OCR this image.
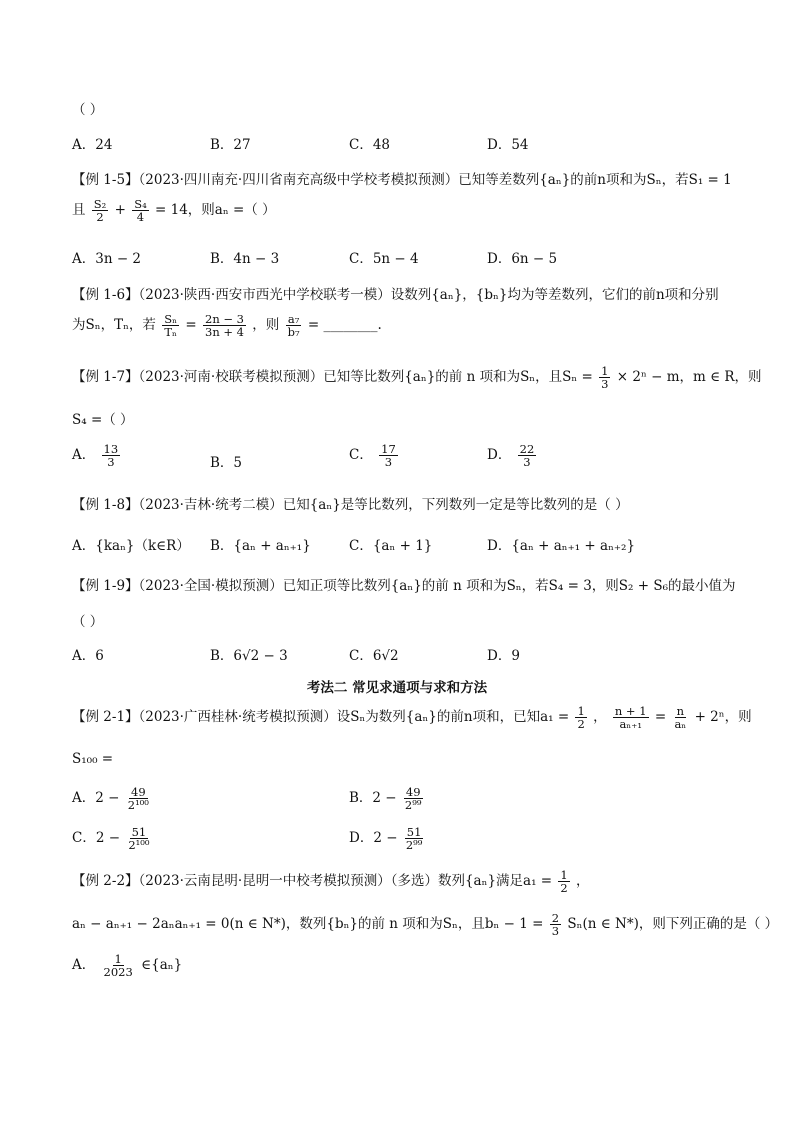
（ ）
A．24	B．27	C．48	D．54
【例 1-5】（2023·四川南充·四川省南充高级中学校考模拟预测）已知等差数列{aₙ}的前n项和为Sₙ，若S₁ = 1
且 $\frac{\text{S₂}}{2} + \frac{\text{S₄}}{4} = 14$，则aₙ =（ ）
A．3n − 2	B．4n − 3	C．5n − 4	D．6n − 5
【例 1-6】（2023·陕西·西安市西光中学校联考一模）设数列{aₙ}，{bₙ}均为等差数列，它们的前n项和分别
为Sₙ，Tₙ，若 $\frac{\text{Sₙ}}{\text{Tₙ}} = \frac{2n - 3}{3n + 4}$ ，则 $\frac{\text{a₇}}{\text{b₇}}$ = ________.
【例 1-7】（2023·河南·校联考模拟预测）已知等比数列{aₙ}的前 n 项和为Sₙ，且$S_n = \frac{1}{3} \times 2^n - m$，m ∈ R，则
S₄ =（ ）
A． $\frac{13}{3}$	B．5	C． $\frac{17}{3}$	D． $\frac{22}{3}$
【例 1-8】（2023·吉林·统考二模）已知{aₙ}是等比数列，下列数列一定是等比数列的是（ ）
A．{kaₙ}（k∈R） B．{aₙ + aₙ₊₁}	C．{aₙ + 1}	D．{aₙ + aₙ₊₁ + aₙ₊₂}
【例 1-9】（2023·全国·模拟预测）已知正项等比数列{aₙ}的前 n 项和为Sₙ，若S₄ = 3，则S₂ + S₆的最小值为
（ ）
A．6	B．6√2 − 3	C．6√2	D．9
考法二 常见求通项与求和方法
【例 2-1】（2023·广西桂林·统考模拟预测）设Sₙ为数列{aₙ}的前n项和，已知$a_1 = \frac{1}{2}$ ， $\frac{n + 1}{\text{aₙ₊₁}} = \frac{n}{\text{aₙ}} + 2^n$，则
S₁₀₀ =
A．$2 - \frac{49}{\text{2¹⁰⁰}}$	B．$2 - \frac{49}{\text{2⁹⁹}}$
C．$2 - \frac{51}{\text{2¹⁰⁰}}$	D．$2 - \frac{51}{\text{2⁹⁹}}$
【例 2-2】（2023·云南昆明·昆明一中校考模拟预测）（多选）数列{aₙ}满足$a_1 = \frac{1}{2}$ ，
aₙ − aₙ₊₁ − 2aₙaₙ₊₁ = 0(n ∈ N*)，数列{bₙ}的前 n 项和为Sₙ，且$b_n - 1 = \frac{2}{3} S_n(n$ ∈ N*)，则下列正确的是（ ）
A． $\frac{1}{2023}$ ∈{aₙ}
